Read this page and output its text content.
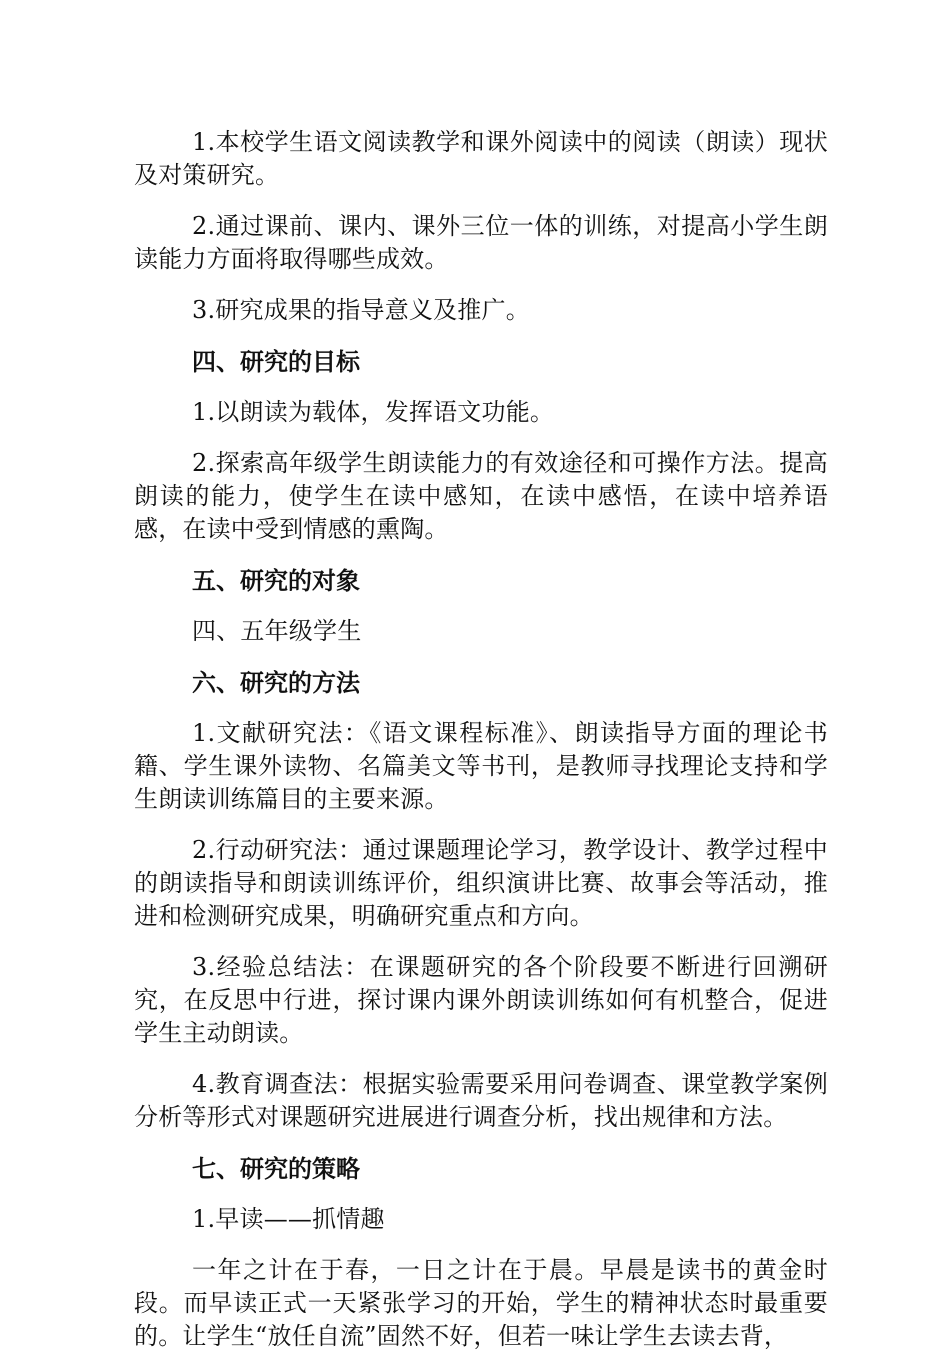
1.本校学生语文阅读教学和课外阅读中的阅读（朗读）现状及对策研究。

2.通过课前、课内、课外三位一体的训练，对提高小学生朗读能力方面将取得哪些成效。

3.研究成果的指导意义及推广。

四、研究的目标

1.以朗读为载体，发挥语文功能。

2.探索高年级学生朗读能力的有效途径和可操作方法。提高朗读的能力，使学生在读中感知，在读中感悟，在读中培养语感，在读中受到情感的熏陶。

五、研究的对象

四、五年级学生

六、研究的方法

1.文献研究法：《语文课程标准》、朗读指导方面的理论书籍、学生课外读物、名篇美文等书刊，是教师寻找理论支持和学生朗读训练篇目的主要来源。

2.行动研究法：通过课题理论学习，教学设计、教学过程中的朗读指导和朗读训练评价，组织演讲比赛、故事会等活动，推进和检测研究成果，明确研究重点和方向。

3.经验总结法：在课题研究的各个阶段要不断进行回溯研究，在反思中行进，探讨课内课外朗读训练如何有机整合，促进学生主动朗读。

4.教育调查法：根据实验需要采用问卷调查、课堂教学案例分析等形式对课题研究进展进行调查分析，找出规律和方法。

七、研究的策略

1.早读——抓情趣

一年之计在于春，一日之计在于晨。早晨是读书的黄金时段。而早读正式一天紧张学习的开始，学生的精神状态时最重要的。让学生“放任自流”固然不好，但若一味让学生去读去背，
